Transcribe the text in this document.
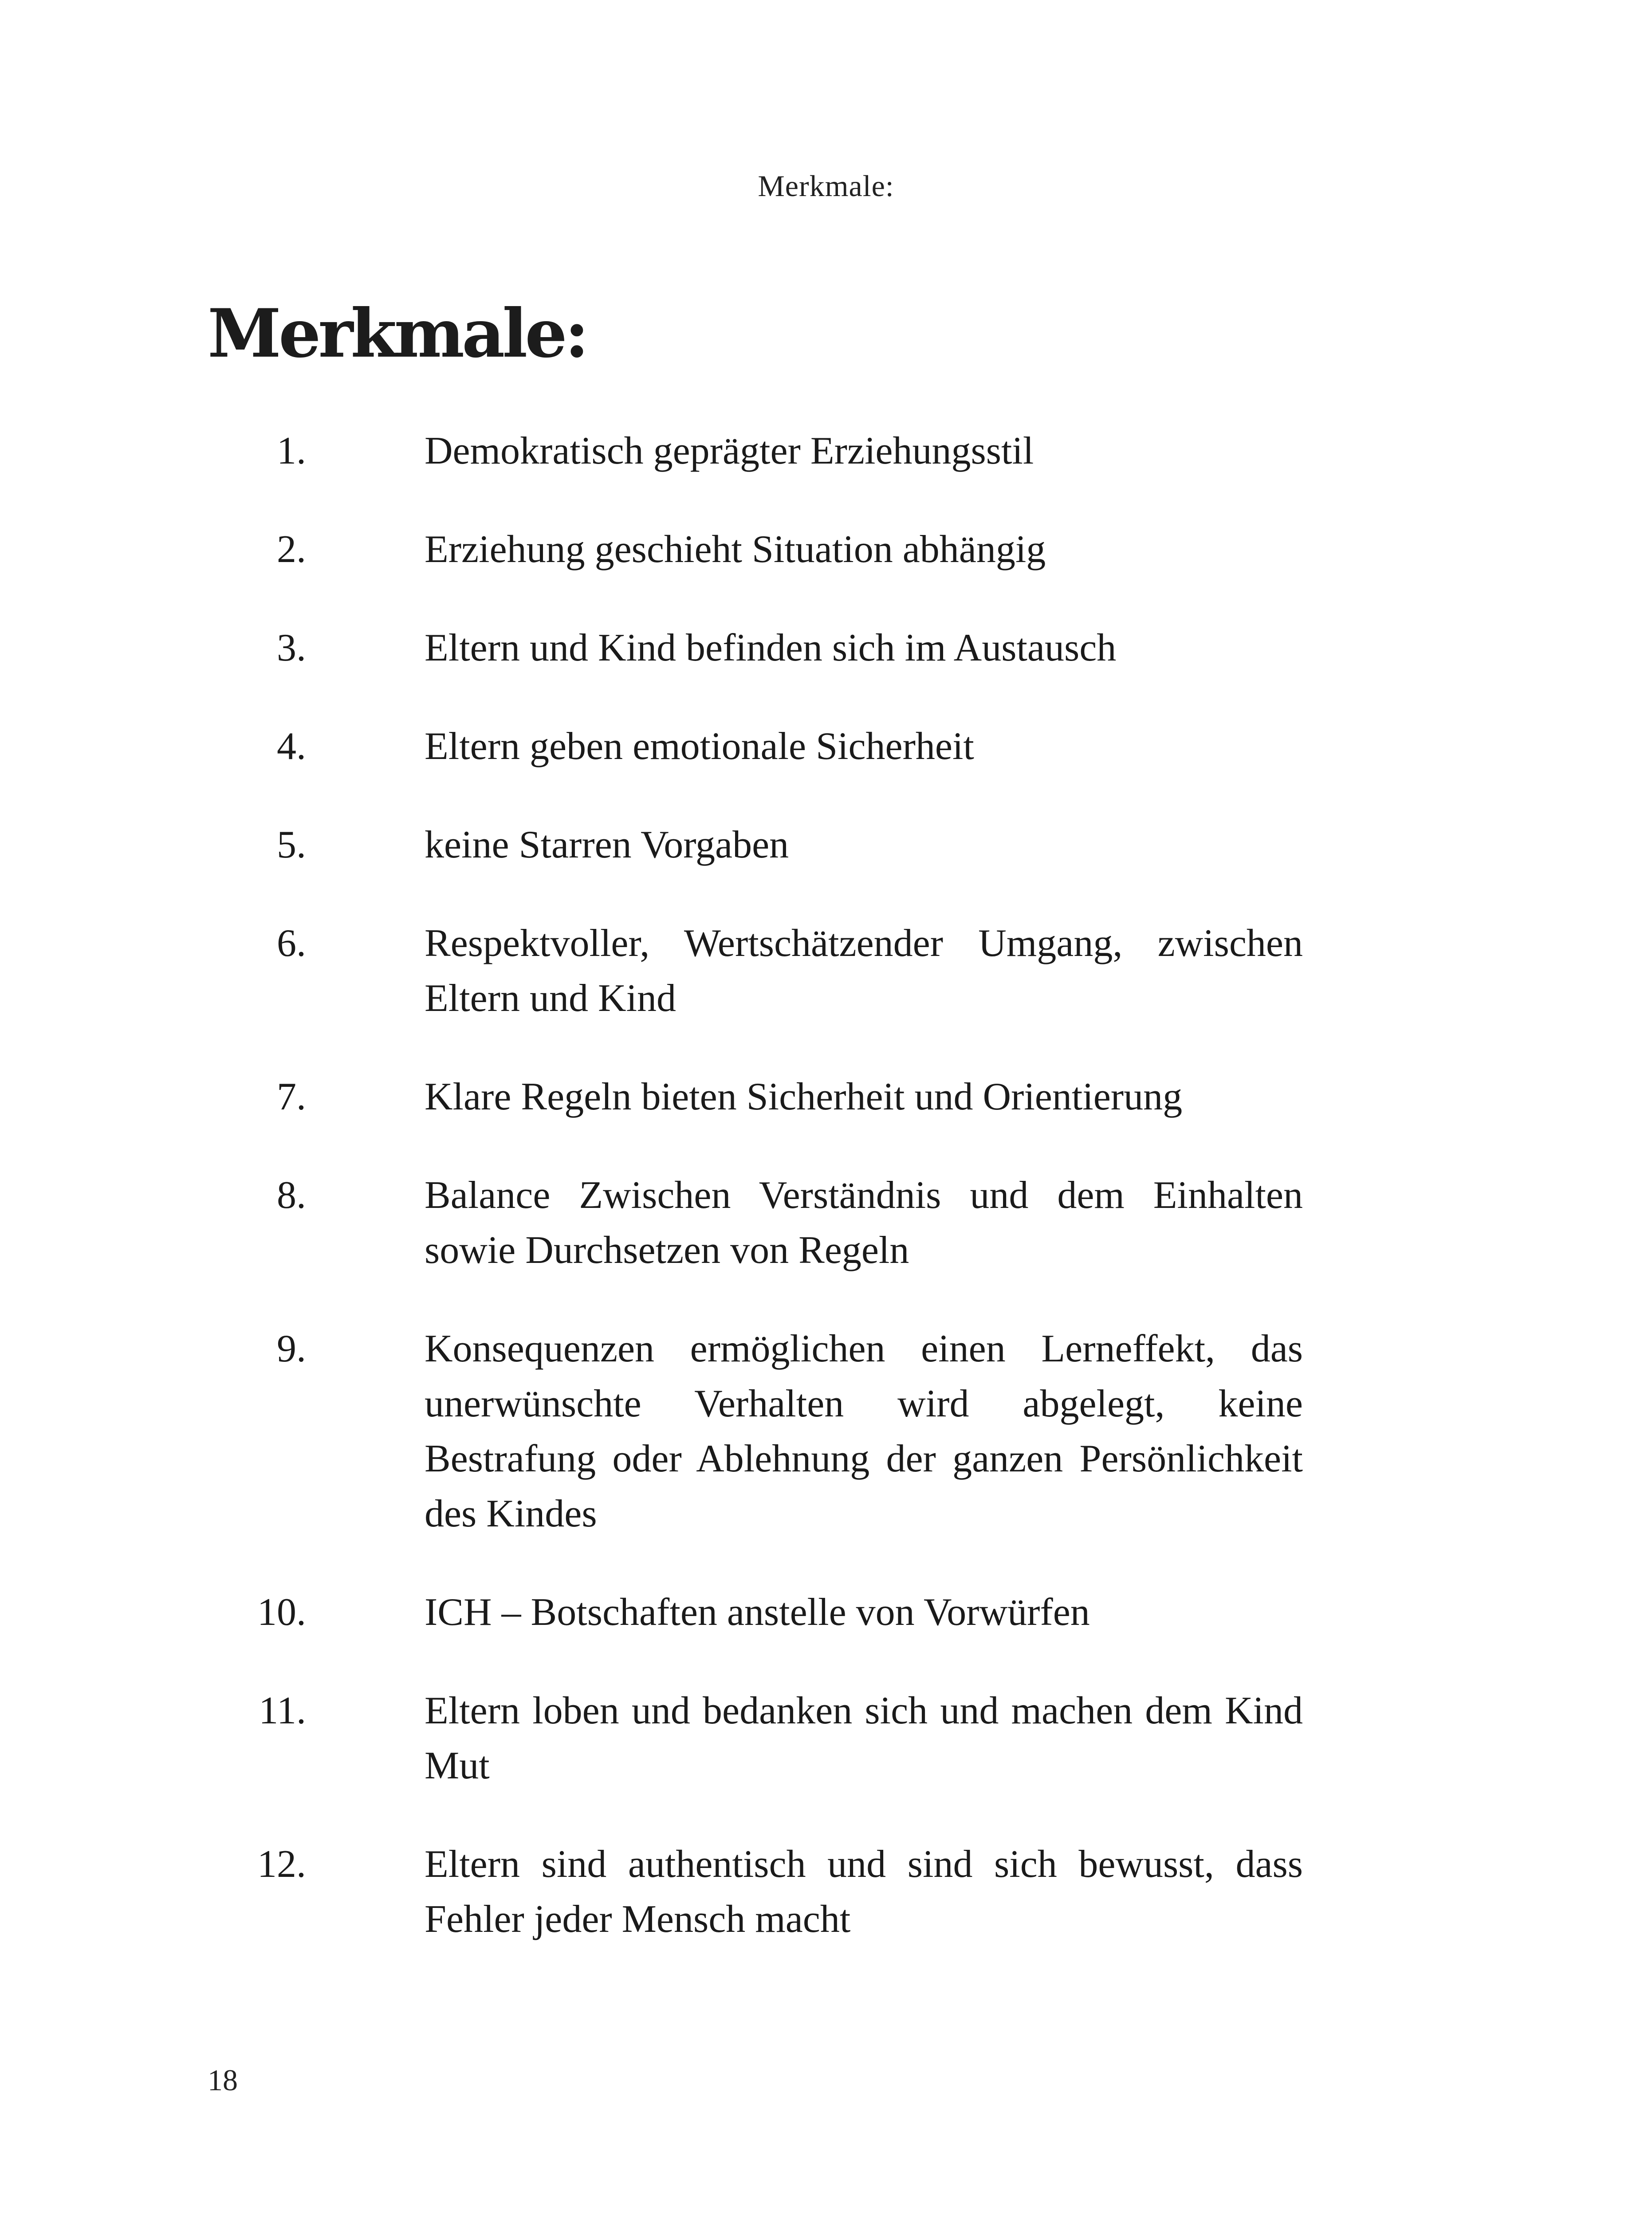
Merkmale:
Merkmale:
1.	Demokratisch geprägter Erziehungsstil
2.	Erziehung geschieht Situation abhängig
3.	Eltern und Kind befinden sich im Austausch
4.	Eltern geben emotionale Sicherheit
5.	keine Starren Vorgaben
6.	Respektvoller, Wertschätzender Umgang, zwischen Eltern und Kind
7.	Klare Regeln bieten Sicherheit und Orientierung
8.	Balance Zwischen Verständnis und dem Einhalten sowie Durchsetzen von Regeln
9.	Konsequenzen ermöglichen einen Lerneffekt, das unerwünschte Verhalten wird abgelegt, keine Bestrafung oder Ablehnung der ganzen Persönlichkeit des Kindes
10.	ICH – Botschaften anstelle von Vorwürfen
11.	Eltern loben und bedanken sich und machen dem Kind Mut
12.	Eltern sind authentisch und sind sich bewusst, dass Fehler jeder Mensch macht
18
